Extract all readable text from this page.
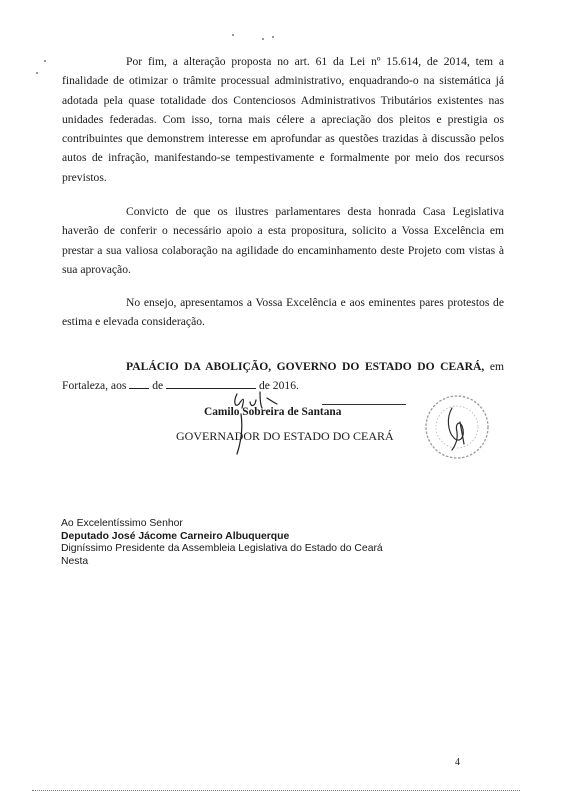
Por fim, a alteração proposta no art. 61 da Lei nº 15.614, de 2014, tem a finalidade de otimizar o trâmite processual administrativo, enquadrando-o na sistemática já adotada pela quase totalidade dos Contenciosos Administrativos Tributários existentes nas unidades federadas. Com isso, torna mais célere a apreciação dos pleitos e prestigia os contribuintes que demonstrem interesse em aprofundar as questões trazidas à discussão pelos autos de infração, manifestando-se tempestivamente e formalmente por meio dos recursos previstos.

Convicto de que os ilustres parlamentares desta honrada Casa Legislativa haverão de conferir o necessário apoio a esta propositura, solicito a Vossa Excelência em prestar a sua valiosa colaboração na agilidade do encaminhamento deste Projeto com vistas à sua aprovação.

No ensejo, apresentamos a Vossa Excelência e aos eminentes pares protestos de estima e elevada consideração.

PALÁCIO DA ABOLIÇÃO, GOVERNO DO ESTADO DO CEARÁ, em Fortaleza, aos de	de 2016.

Camilo Sobreira de Santana
GOVERNADOR DO ESTADO DO CEARÁ
Ao Excelentíssimo Senhor
Deputado José Jácome Carneiro Albuquerque
Digníssimo Presidente da Assembleia Legislativa do Estado do Ceará
Nesta
4
